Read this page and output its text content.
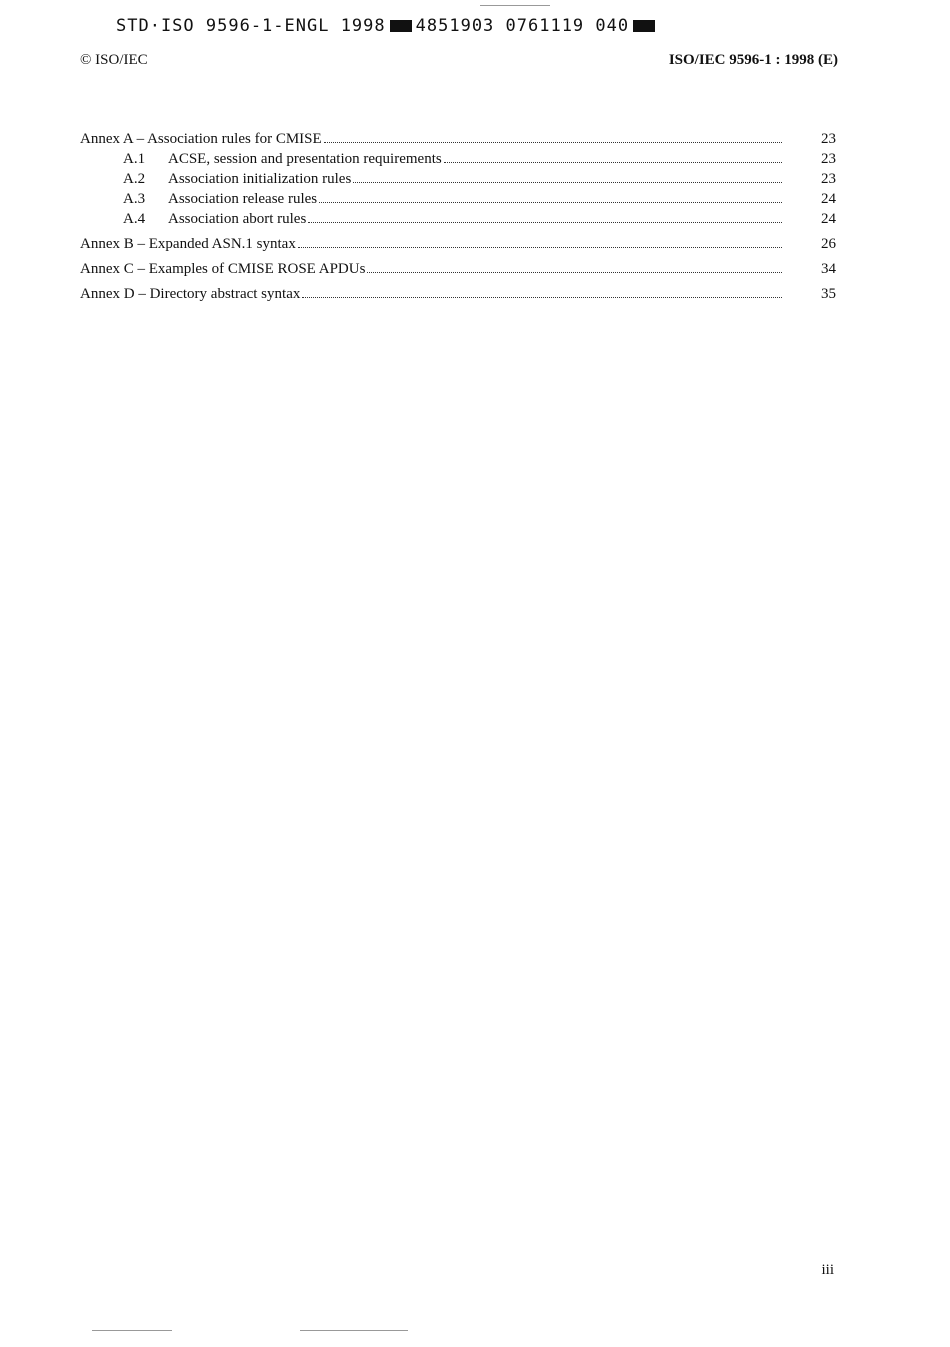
STD·ISO 9596-1-ENGL 1998 4851903 0761119 040
© ISO/IEC	ISO/IEC 9596-1 : 1998 (E)
Annex A – Association rules for CMISE	23
A.1	ACSE, session and presentation requirements	23
A.2	Association initialization rules	23
A.3	Association release rules	24
A.4	Association abort rules	24
Annex B – Expanded ASN.1 syntax	26
Annex C – Examples of CMISE ROSE APDUs	34
Annex D – Directory abstract syntax	35
iii
